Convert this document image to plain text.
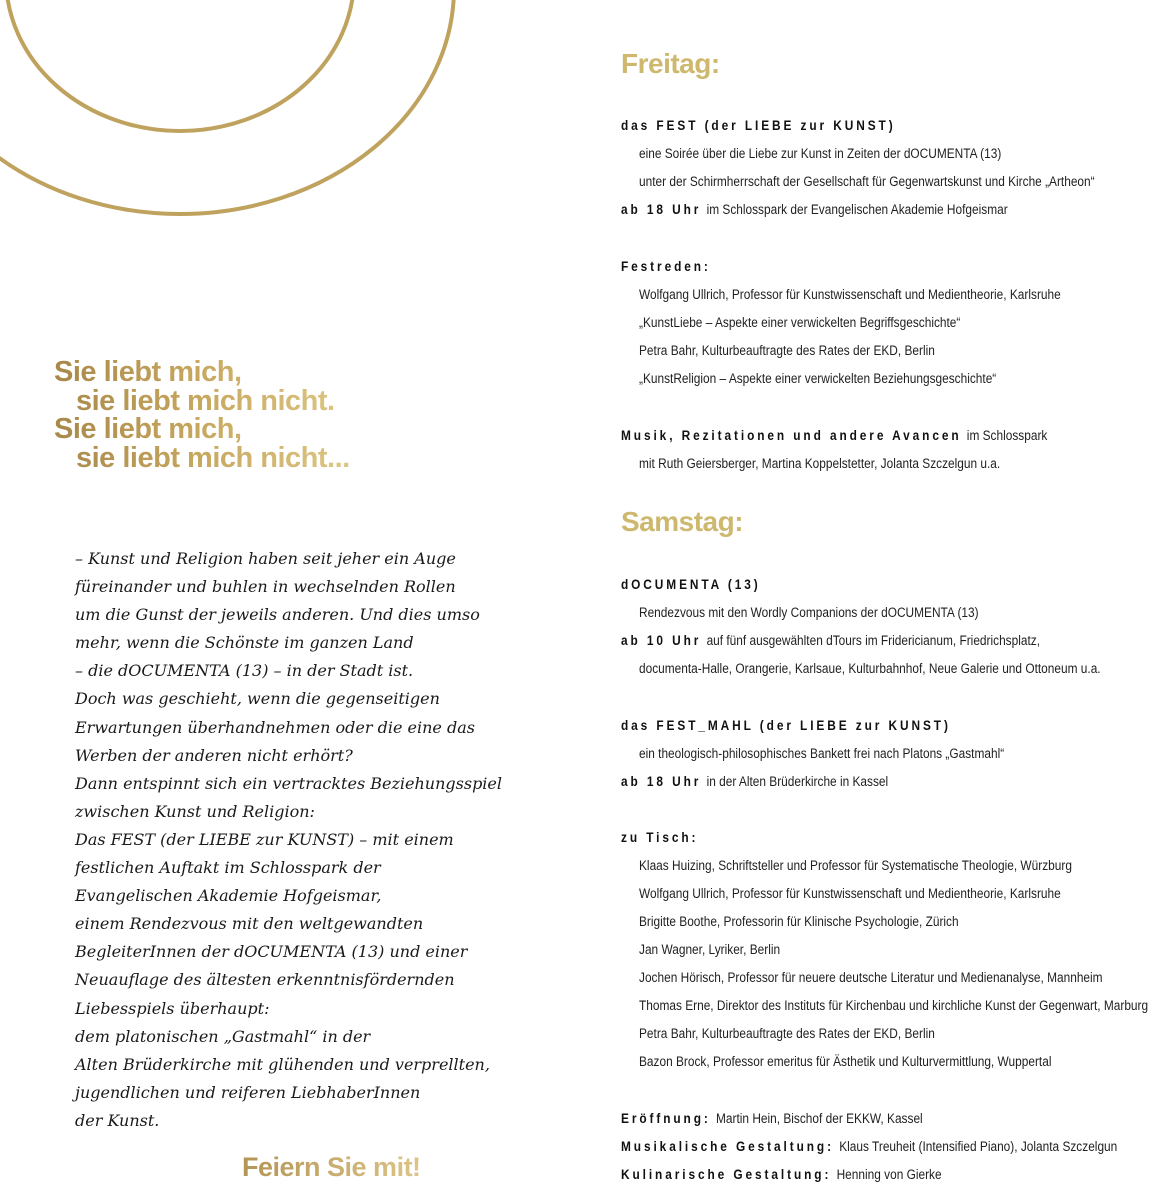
Sie liebt mich,
sie liebt mich nicht.
Sie liebt mich,
sie liebt mich nicht...

– Kunst und Religion haben seit jeher ein Auge
füreinander und buhlen in wechselnden Rollen
um die Gunst der jeweils anderen. Und dies umso
mehr, wenn die Schönste im ganzen Land
– die dOCUMENTA (13) – in der Stadt ist.
Doch was geschieht, wenn die gegenseitigen
Erwartungen überhandnehmen oder die eine das
Werben der anderen nicht erhört?
Dann entspinnt sich ein vertracktes Beziehungsspiel
zwischen Kunst und Religion:
Das FEST (der LIEBE zur KUNST) – mit einem
festlichen Auftakt im Schlosspark der
Evangelischen Akademie Hofgeismar,
einem Rendezvous mit den weltgewandten
BegleiterInnen der dOCUMENTA (13) und einer
Neuauflage des ältesten erkenntnisfördernden
Liebesspiels überhaupt:
dem platonischen „Gastmahl“ in der
Alten Brüderkirche mit glühenden und verprellten,
jugendlichen und reiferen LiebhaberInnen
der Kunst.

Feiern Sie mit!
Freitag:
das FEST (der LIEBE zur KUNST)
eine Soirée über die Liebe zur Kunst in Zeiten der dOCUMENTA (13)
unter der Schirmherrschaft der Gesellschaft für Gegenwartskunst und Kirche „Artheon“
ab 18 Uhr im Schlosspark der Evangelischen Akademie Hofgeismar
Festreden:
Wolfgang Ullrich, Professor für Kunstwissenschaft und Medientheorie, Karlsruhe
„KunstLiebe – Aspekte einer verwickelten Begriffsgeschichte“
Petra Bahr, Kulturbeauftragte des Rates der EKD, Berlin
„KunstReligion – Aspekte einer verwickelten Beziehungsgeschichte“
Musik, Rezitationen und andere Avancen im Schlosspark
mit Ruth Geiersberger, Martina Koppelstetter, Jolanta Szczelgun u.a.
Samstag:
dOCUMENTA (13)
Rendezvous mit den Wordly Companions der dOCUMENTA (13)
ab 10 Uhr auf fünf ausgewählten dTours im Fridericianum, Friedrichsplatz,
documenta-Halle, Orangerie, Karlsaue, Kulturbahnhof, Neue Galerie und Ottoneum u.a.
das FEST_MAHL (der LIEBE zur KUNST)
ein theologisch-philosophisches Bankett frei nach Platons „Gastmahl“
ab 18 Uhr in der Alten Brüderkirche in Kassel
zu Tisch:
Klaas Huizing, Schriftsteller und Professor für Systematische Theologie, Würzburg
Wolfgang Ullrich, Professor für Kunstwissenschaft und Medientheorie, Karlsruhe
Brigitte Boothe, Professorin für Klinische Psychologie, Zürich
Jan Wagner, Lyriker, Berlin
Jochen Hörisch, Professor für neuere deutsche Literatur und Medienanalyse, Mannheim
Thomas Erne, Direktor des Instituts für Kirchenbau und kirchliche Kunst der Gegenwart, Marburg
Petra Bahr, Kulturbeauftragte des Rates der EKD, Berlin
Bazon Brock, Professor emeritus für Ästhetik und Kulturvermittlung, Wuppertal
Eröffnung: Martin Hein, Bischof der EKKW, Kassel
Musikalische Gestaltung: Klaus Treuheit (Intensified Piano), Jolanta Szczelgun
Kulinarische Gestaltung: Henning von Gierke
